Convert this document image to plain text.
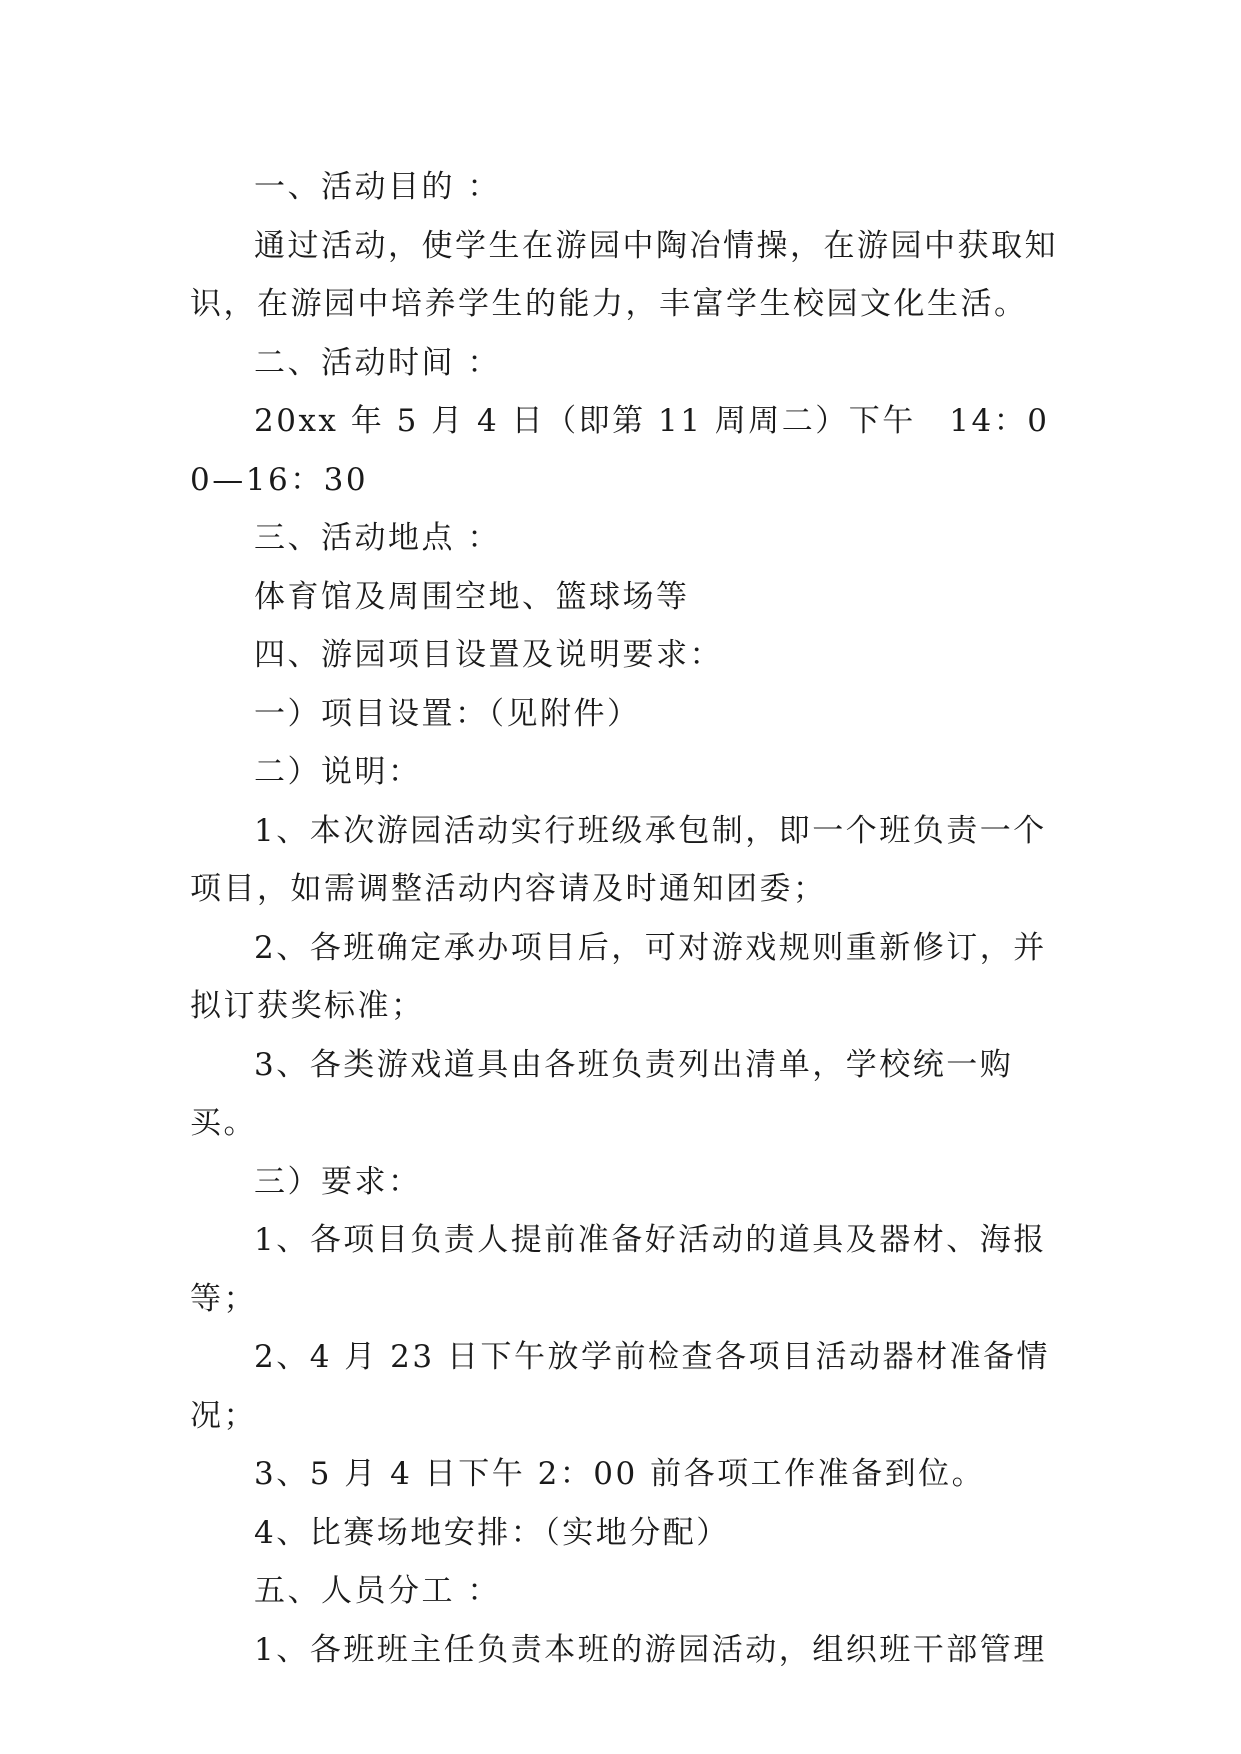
一、活动目的 ：

通过活动，使学生在游园中陶冶情操，在游园中获取知识，在游园中培养学生的能力，丰富学生校园文化生活。

二、活动时间 ：

20xx 年 5 月 4 日（即第 11 周周二）下午　14：00—16：30

三、活动地点 ：

体育馆及周围空地、篮球场等

四、游园项目设置及说明要求：

一）项目设置：（见附件）

二）说明：

1、本次游园活动实行班级承包制，即一个班负责一个项目，如需调整活动内容请及时通知团委；

2、各班确定承办项目后，可对游戏规则重新修订，并拟订获奖标准；

3、各类游戏道具由各班负责列出清单，学校统一购买。

三）要求：

1、各项目负责人提前准备好活动的道具及器材、海报等；

2、4 月 23 日下午放学前检查各项目活动器材准备情况；

3、5 月 4 日下午 2：00 前各项工作准备到位。

4、比赛场地安排：（实地分配）

五、人员分工 ：

1、各班班主任负责本班的游园活动，组织班干部管理
